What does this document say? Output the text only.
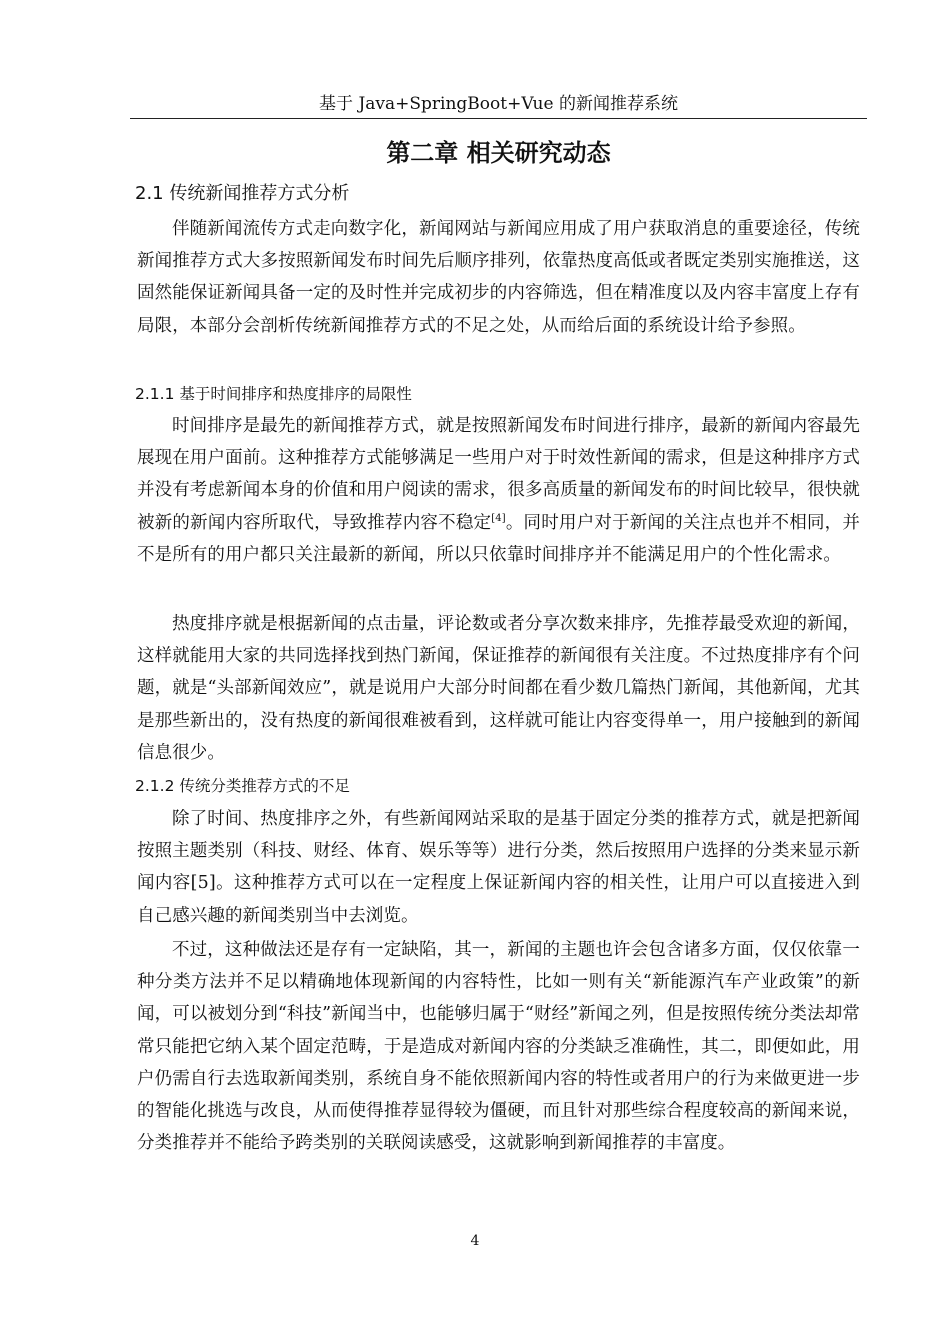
基于 Java+SpringBoot+Vue 的新闻推荐系统
第二章 相关研究动态
2.1 传统新闻推荐方式分析
伴随新闻流传方式走向数字化，新闻网站与新闻应用成了用户获取消息的重要途径，传统新闻推荐方式大多按照新闻发布时间先后顺序排列，依靠热度高低或者既定类别实施推送，这固然能保证新闻具备一定的及时性并完成初步的内容筛选，但在精准度以及内容丰富度上存有局限，本部分会剖析传统新闻推荐方式的不足之处，从而给后面的系统设计给予参照。
2.1.1 基于时间排序和热度排序的局限性
时间排序是最先的新闻推荐方式，就是按照新闻发布时间进行排序，最新的新闻内容最先展现在用户面前。这种推荐方式能够满足一些用户对于时效性新闻的需求，但是这种排序方式并没有考虑新闻本身的价值和用户阅读的需求，很多高质量的新闻发布的时间比较早，很快就被新的新闻内容所取代，导致推荐内容不稳定[4]。同时用户对于新闻的关注点也并不相同，并不是所有的用户都只关注最新的新闻，所以只依靠时间排序并不能满足用户的个性化需求。
热度排序就是根据新闻的点击量，评论数或者分享次数来排序，先推荐最受欢迎的新闻，这样就能用大家的共同选择找到热门新闻，保证推荐的新闻很有关注度。不过热度排序有个问题，就是“头部新闻效应”，就是说用户大部分时间都在看少数几篇热门新闻，其他新闻，尤其是那些新出的，没有热度的新闻很难被看到，这样就可能让内容变得单一，用户接触到的新闻信息很少。
2.1.2 传统分类推荐方式的不足
除了时间、热度排序之外，有些新闻网站采取的是基于固定分类的推荐方式，就是把新闻按照主题类别（科技、财经、体育、娱乐等等）进行分类，然后按照用户选择的分类来显示新闻内容[5]。这种推荐方式可以在一定程度上保证新闻内容的相关性，让用户可以直接进入到自己感兴趣的新闻类别当中去浏览。
不过，这种做法还是存有一定缺陷，其一，新闻的主题也许会包含诸多方面，仅仅依靠一种分类方法并不足以精确地体现新闻的内容特性，比如一则有关“新能源汽车产业政策”的新闻，可以被划分到“科技”新闻当中，也能够归属于“财经”新闻之列，但是按照传统分类法却常常只能把它纳入某个固定范畴，于是造成对新闻内容的分类缺乏准确性，其二，即便如此，用户仍需自行去选取新闻类别，系统自身不能依照新闻内容的特性或者用户的行为来做更进一步的智能化挑选与改良，从而使得推荐显得较为僵硬，而且针对那些综合程度较高的新闻来说，分类推荐并不能给予跨类别的关联阅读感受，这就影响到新闻推荐的丰富度。
4
